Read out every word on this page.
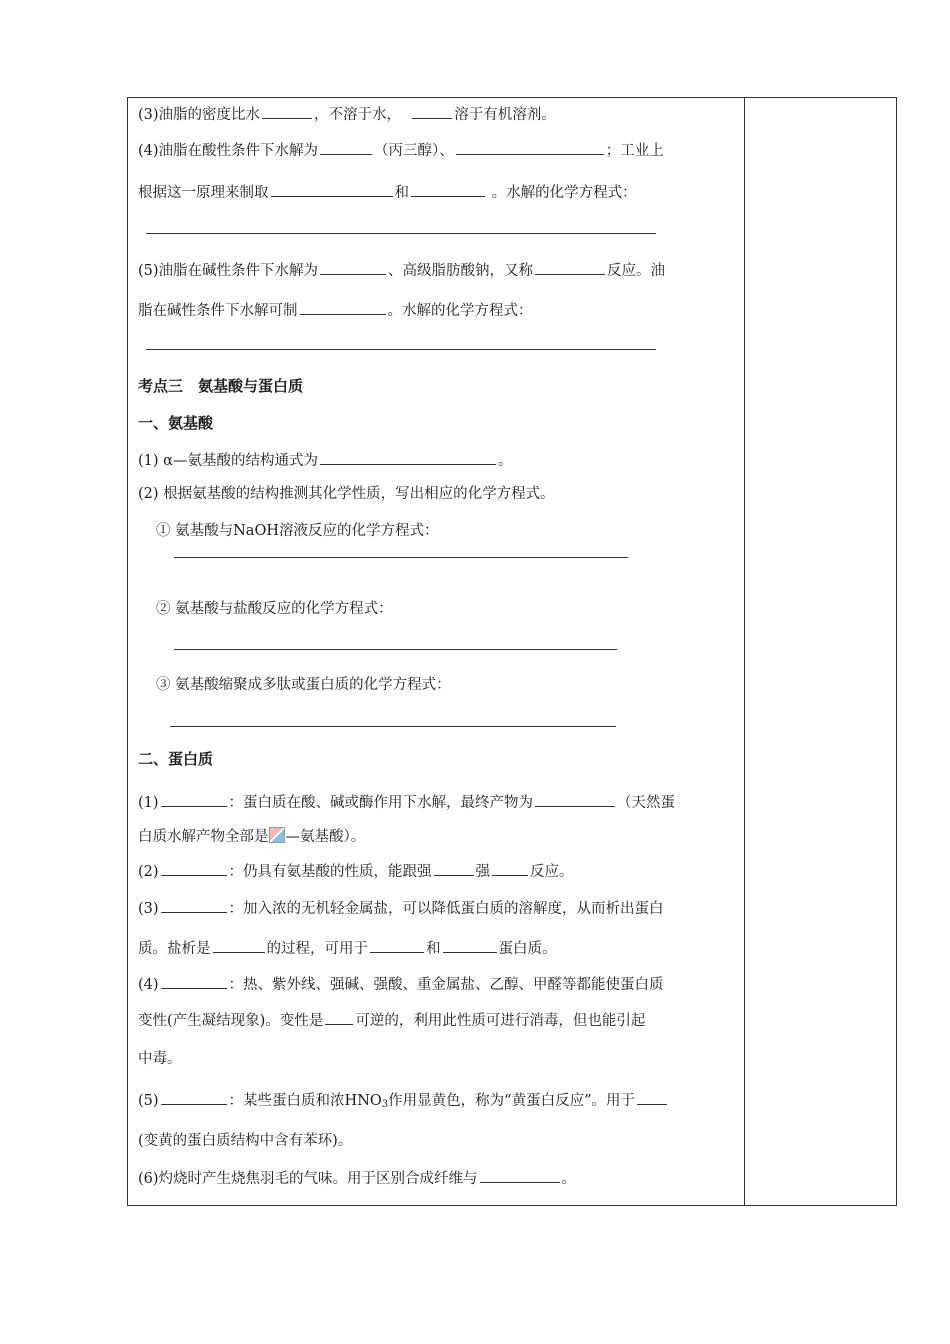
(3)油脂的密度比水	，不溶于水，	溶于有机溶剂。
(4)油脂在酸性条件下水解为	（丙三醇）、	；工业上
根据这一原理来制取	和	。水解的化学方程式：
(5)油脂在碱性条件下水解为	、高级脂肪酸钠，又称	反应。油
脂在碱性条件下水解可制	。水解的化学方程式：
考点三　氨基酸与蛋白质
一、氨基酸
(1) α—氨基酸的结构通式为	。
(2) 根据氨基酸的结构推测其化学性质，写出相应的化学方程式。
① 氨基酸与NaOH溶液反应的化学方程式：
② 氨基酸与盐酸反应的化学方程式：
③ 氨基酸缩聚成多肽或蛋白质的化学方程式：
二、蛋白质
(1)	：蛋白质在酸、碱或酶作用下水解，最终产物为	（天然蛋
白质水解产物全部是 —氨基酸）。
(2)	：仍具有氨基酸的性质，能跟强	强	反应。
(3)	：加入浓的无机轻金属盐，可以降低蛋白质的溶解度，从而析出蛋白
质。盐析是	的过程，可用于	和	蛋白质。
(4)	：热、紫外线、强碱、强酸、重金属盐、乙醇、甲醛等都能使蛋白质
变性(产生凝结现象)。变性是 可逆的，利用此性质可进行消毒，但也能引起
中毒。
(5)	：某些蛋白质和浓$HNO_3$作用显黄色，称为“黄蛋白反应”。用于
(变黄的蛋白质结构中含有苯环)。
(6)灼烧时产生烧焦羽毛的气味。用于区别合成纤维与	。
